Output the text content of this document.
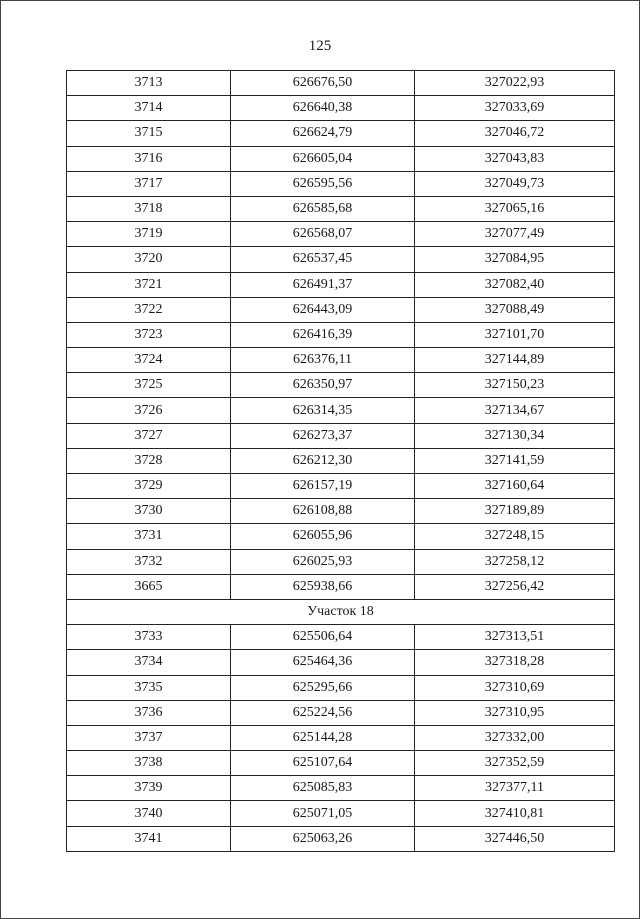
125
3713	626676,50	327022,93
3714	626640,38	327033,69
3715	626624,79	327046,72
3716	626605,04	327043,83
3717	626595,56	327049,73
3718	626585,68	327065,16
3719	626568,07	327077,49
3720	626537,45	327084,95
3721	626491,37	327082,40
3722	626443,09	327088,49
3723	626416,39	327101,70
3724	626376,11	327144,89
3725	626350,97	327150,23
3726	626314,35	327134,67
3727	626273,37	327130,34
3728	626212,30	327141,59
3729	626157,19	327160,64
3730	626108,88	327189,89
3731	626055,96	327248,15
3732	626025,93	327258,12
3665	625938,66	327256,42
Участок 18		
3733	625506,64	327313,51
3734	625464,36	327318,28
3735	625295,66	327310,69
3736	625224,56	327310,95
3737	625144,28	327332,00
3738	625107,64	327352,59
3739	625085,83	327377,11
3740	625071,05	327410,81
3741	625063,26	327446,50
